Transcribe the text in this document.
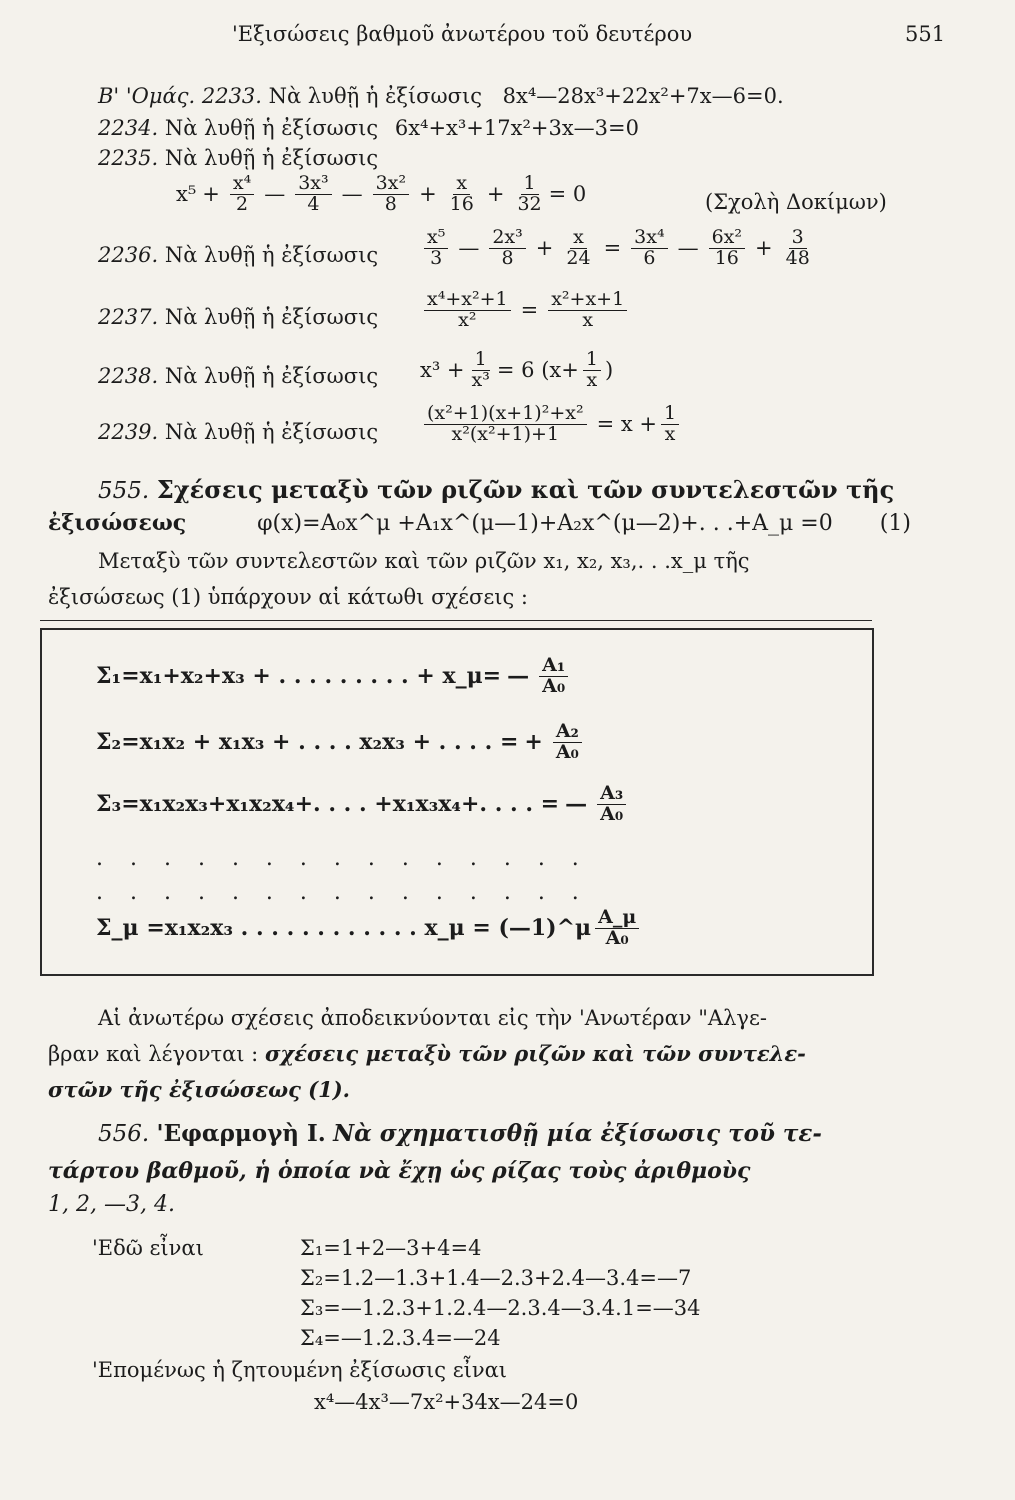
'Εξισώσεις βαθμοῦ ἀνωτέρου τοῦ δευτέρου	551
Β' 'Ομάς. 2233. Νὰ λυθῇ ἡ ἐξίσωσις 8x⁴—28x³+22x²+7x—6=0.
2234. Νὰ λυθῇ ἡ ἐξίσωσις 6x⁴+x³+17x²+3x—3=0
2235. Νὰ λυθῇ ἡ ἐξίσωσις
$x^5 + \frac{\text{x⁴}}{2}$ — $\frac{\text{3x³}}{4}$ — $\frac{\text{3x²}}{8} + \frac{x}{16} + \frac{1}{32} = 0$	(Σχολὴ Δοκίμων)
2236. Νὰ λυθῇ ἡ ἐξίσωσις $\frac{\text{x⁵}}{3}$ — $\frac{\text{2x³}}{8} + \frac{x}{24} = \frac{\text{3x⁴}}{6}$ — $\frac{\text{6x²}}{16} + \frac{3}{48}$
2237. Νὰ λυθῇ ἡ ἐξίσωσις $\frac{\text{x⁴+x²+1}}{\text{x²}} = \frac{\text{x²+x+1}}{x}$
2238. Νὰ λυθῇ ἡ ἐξίσωσις $x^3 + \frac{1}{\text{x³}} = 6$ ($x+ \frac{1}{x}$ )
2239. Νὰ λυθῇ ἡ ἐξίσωσις $\frac{\text{(x²+1)(x+1)²+x²}}{\text{x²(x²+1)+1}} = x + \frac{1}{x}$
555. Σχέσεις μεταξὺ τῶν ριζῶν καὶ τῶν συντελεστῶν τῆς
ἐξισώσεως	φ(x)=A₀x^μ +A₁x^(μ—1)+A₂x^(μ—2)+. . .+A_μ =0 (1)
Μεταξὺ τῶν συντελεστῶν καὶ τῶν ριζῶν x₁, x₂, x₃,. . .x_μ τῆς
ἐξισώσεως (1) ὑπάρχουν αἱ κάτωθι σχέσεις :
Σ₁=x₁+x₂+x₃ + . . . . . . . . . + x_μ= — $\frac{\text{A₁}}{\text{A₀}}$
Σ₂=x₁x₂ + x₁x₃ + . . . . x₂x₃ + . . . . = + $\frac{\text{A₂}}{\text{A₀}}$
Σ₃=x₁x₂x₃+x₁x₂x₄+. . . . +x₁x₃x₄+. . . . = — $\frac{\text{A₃}}{\text{A₀}}$
. . . . . . . . . . . . . . .
. . . . . . . . . . . . . . .
Σ_μ =x₁x₂x₃ . . . . . . . . . . . . x_μ = (—1)^μ $\frac{A\_\mu}{\text{A₀}}$
Αἱ ἀνωτέρω σχέσεις ἀποδεικνύονται εἰς τὴν 'Ανωτέραν "Αλγε-
βραν καὶ λέγονται : σχέσεις μεταξὺ τῶν ριζῶν καὶ τῶν συντελε-
στῶν τῆς ἐξισώσεως (1).
556. 'Εφαρμογὴ I. Νὰ σχηματισθῇ μία ἐξίσωσις τοῦ τε-
τάρτου βαθμοῦ, ἡ ὁποία νὰ ἔχῃ ὡς ρίζας τοὺς ἀριθμοὺς
1, 2, —3, 4.
'Εδῶ εἶναι	Σ₁=1+2—3+4=4
Σ₂=1.2—1.3+1.4—2.3+2.4—3.4=—7
Σ₃=—1.2.3+1.2.4—2.3.4—3.4.1=—34
Σ₄=—1.2.3.4=—24
'Επομένως ἡ ζητουμένη ἐξίσωσις εἶναι
x⁴—4x³—7x²+34x—24=0
